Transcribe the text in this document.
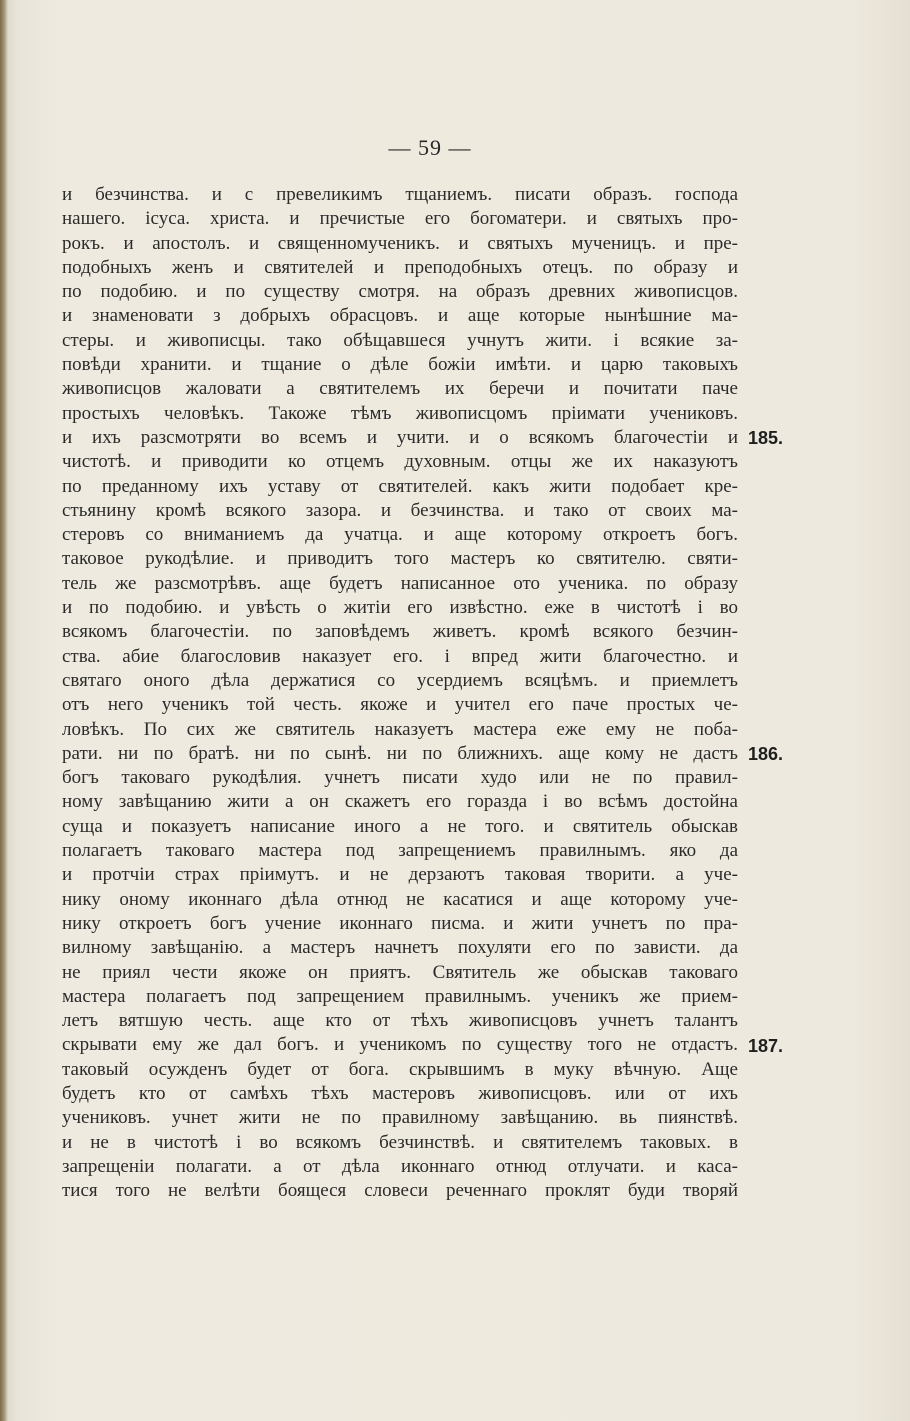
— 59 —
и безчинства. и с превеликимъ тщаниемъ. писати образъ. господа
нашего. iсуса. христа. и пречистые его богоматери. и святыхъ про-
рокъ. и апостолъ. и священномученикъ. и святыхъ мученицъ. и пре-
подобныхъ женъ и святителей и преподобныхъ отецъ. по образу и
по подобию. и по существу смотря. на образъ древних живописцов.
и знаменовати з добрыхъ обрасцовъ. и аще которые нынѣшние ма-
стеры. и живописцы. тако обѣщавшеся учнутъ жити. i всякие за-
повѣди хранити. и тщание о дѣле божiи имѣти. и царю таковыхъ
живописцов жаловати а святителемъ их беречи и почитати паче
простыхъ человѣкъ. Такоже тѣмъ живописцомъ прiимати учениковъ.
и ихъ разсмотряти во всемъ и учити. и о всякомъ благочестiи и
чистотѣ. и приводити ко отцемъ духовным. отцы же их наказуютъ
по преданному ихъ уставу от святителей. какъ жити подобает кре-
стьянину кромѣ всякого зазора. и безчинства. и тако от своих ма-
стеровъ со вниманиемъ да учатца. и аще которому откроетъ богъ.
таковое рукодѣлие. и приводитъ того мастеръ ко святителю. святи-
тель же разсмотрѣвъ. аще будетъ написанное ото ученика. по образу
и по подобию. и увѣсть о житiи его извѣстно. еже в чистотѣ i во
всякомъ благочестiи. по заповѣдемъ живетъ. кромѣ всякого безчин-
ства. абие благословив наказует его. i впред жити благочестно. и
святаго оного дѣла держатися со усердиемъ всяцѣмъ. и приемлетъ
отъ него ученикъ той честь. якоже и учител его паче простых че-
ловѣкъ. По сих же святитель наказуетъ мастера еже ему не поба-
рати. ни по братѣ. ни по сынѣ. ни по ближнихъ. аще кому не дастъ
богъ таковаго рукодѣлия. учнетъ писати худо или не по правил-
ному завѣщанию жити а он скажетъ его горазда i во всѣмъ достойна
суща и показуетъ написание иного а не того. и святитель обыскав
полагаетъ таковаго мастера под запрещениемъ правилнымъ. яко да
и протчiи страх прiимутъ. и не дерзаютъ таковая творити. а уче-
нику оному иконнаго дѣла отнюд не касатися и аще которому уче-
нику откроетъ богъ учение иконнаго писма. и жити учнетъ по пра-
вилному завѣщанiю. а мастеръ начнетъ похуляти его по зависти. да
не приял чести якоже он приятъ. Святитель же обыскав таковаго
мастера полагаетъ под запрещением правилнымъ. ученикъ же прием-
летъ вятшую честь. аще кто от тѣхъ живописцовъ учнетъ талантъ
скрывати ему же дал богъ. и ученикомъ по существу того не отдастъ.
таковый осужденъ будет от бога. скрывшимъ в муку вѣчную. Аще
будетъ кто от самѣхъ тѣхъ мастеровъ живописцовъ. или от ихъ
учениковъ. учнет жити не по правилному завѣщанию. вь пиянствѣ.
и не в чистотѣ i во всякомъ безчинствѣ. и святителемъ таковых. в
запрещенiи полагати. а от дѣла иконнаго отнюд отлучати. и каса-
тися того не велѣти боящеся словеси реченнаго проклят буди творяй
185.
186.
187.
